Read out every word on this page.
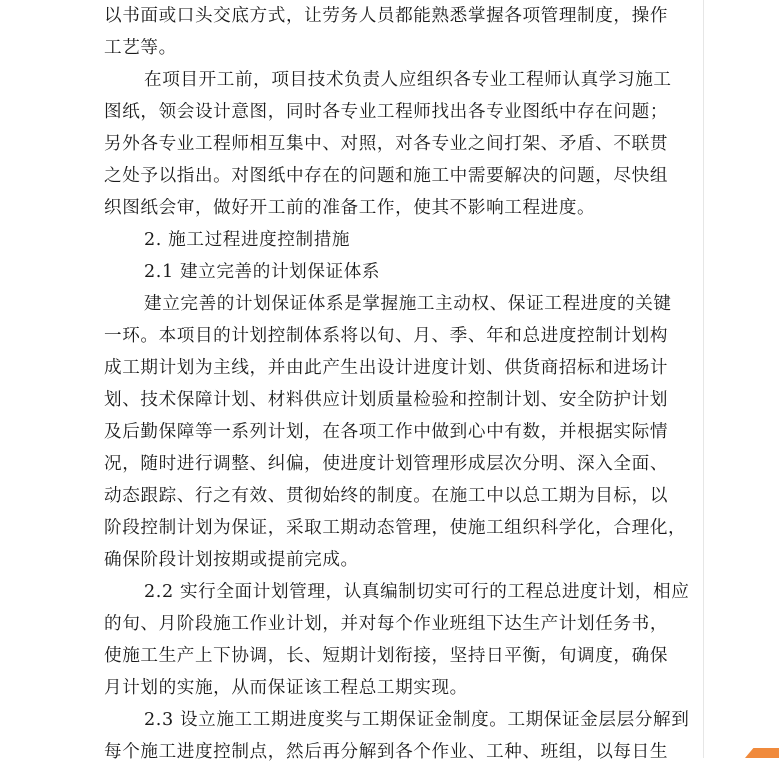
以书面或口头交底方式，让劳务人员都能熟悉掌握各项管理制度，操作
工艺等。
在项目开工前，项目技术负责人应组织各专业工程师认真学习施工
图纸，领会设计意图，同时各专业工程师找出各专业图纸中存在问题；
另外各专业工程师相互集中、对照，对各专业之间打架、矛盾、不联贯
之处予以指出。对图纸中存在的问题和施工中需要解决的问题，尽快组
织图纸会审，做好开工前的准备工作，使其不影响工程进度。
2. 施工过程进度控制措施
2.1 建立完善的计划保证体系
建立完善的计划保证体系是掌握施工主动权、保证工程进度的关键
一环。本项目的计划控制体系将以旬、月、季、年和总进度控制计划构
成工期计划为主线，并由此产生出设计进度计划、供货商招标和进场计
划、技术保障计划、材料供应计划质量检验和控制计划、安全防护计划
及后勤保障等一系列计划，在各项工作中做到心中有数，并根据实际情
况，随时进行调整、纠偏，使进度计划管理形成层次分明、深入全面、
动态跟踪、行之有效、贯彻始终的制度。在施工中以总工期为目标，以
阶段控制计划为保证，采取工期动态管理，使施工组织科学化，合理化，
确保阶段计划按期或提前完成。
2.2 实行全面计划管理，认真编制切实可行的工程总进度计划，相应
的旬、月阶段施工作业计划，并对每个作业班组下达生产计划任务书，
使施工生产上下协调，长、短期计划衔接，坚持日平衡，旬调度，确保
月计划的实施，从而保证该工程总工期实现。
2.3 设立施工工期进度奖与工期保证金制度。工期保证金层层分解到
每个施工进度控制点，然后再分解到各个作业、工种、班组，以每日生
